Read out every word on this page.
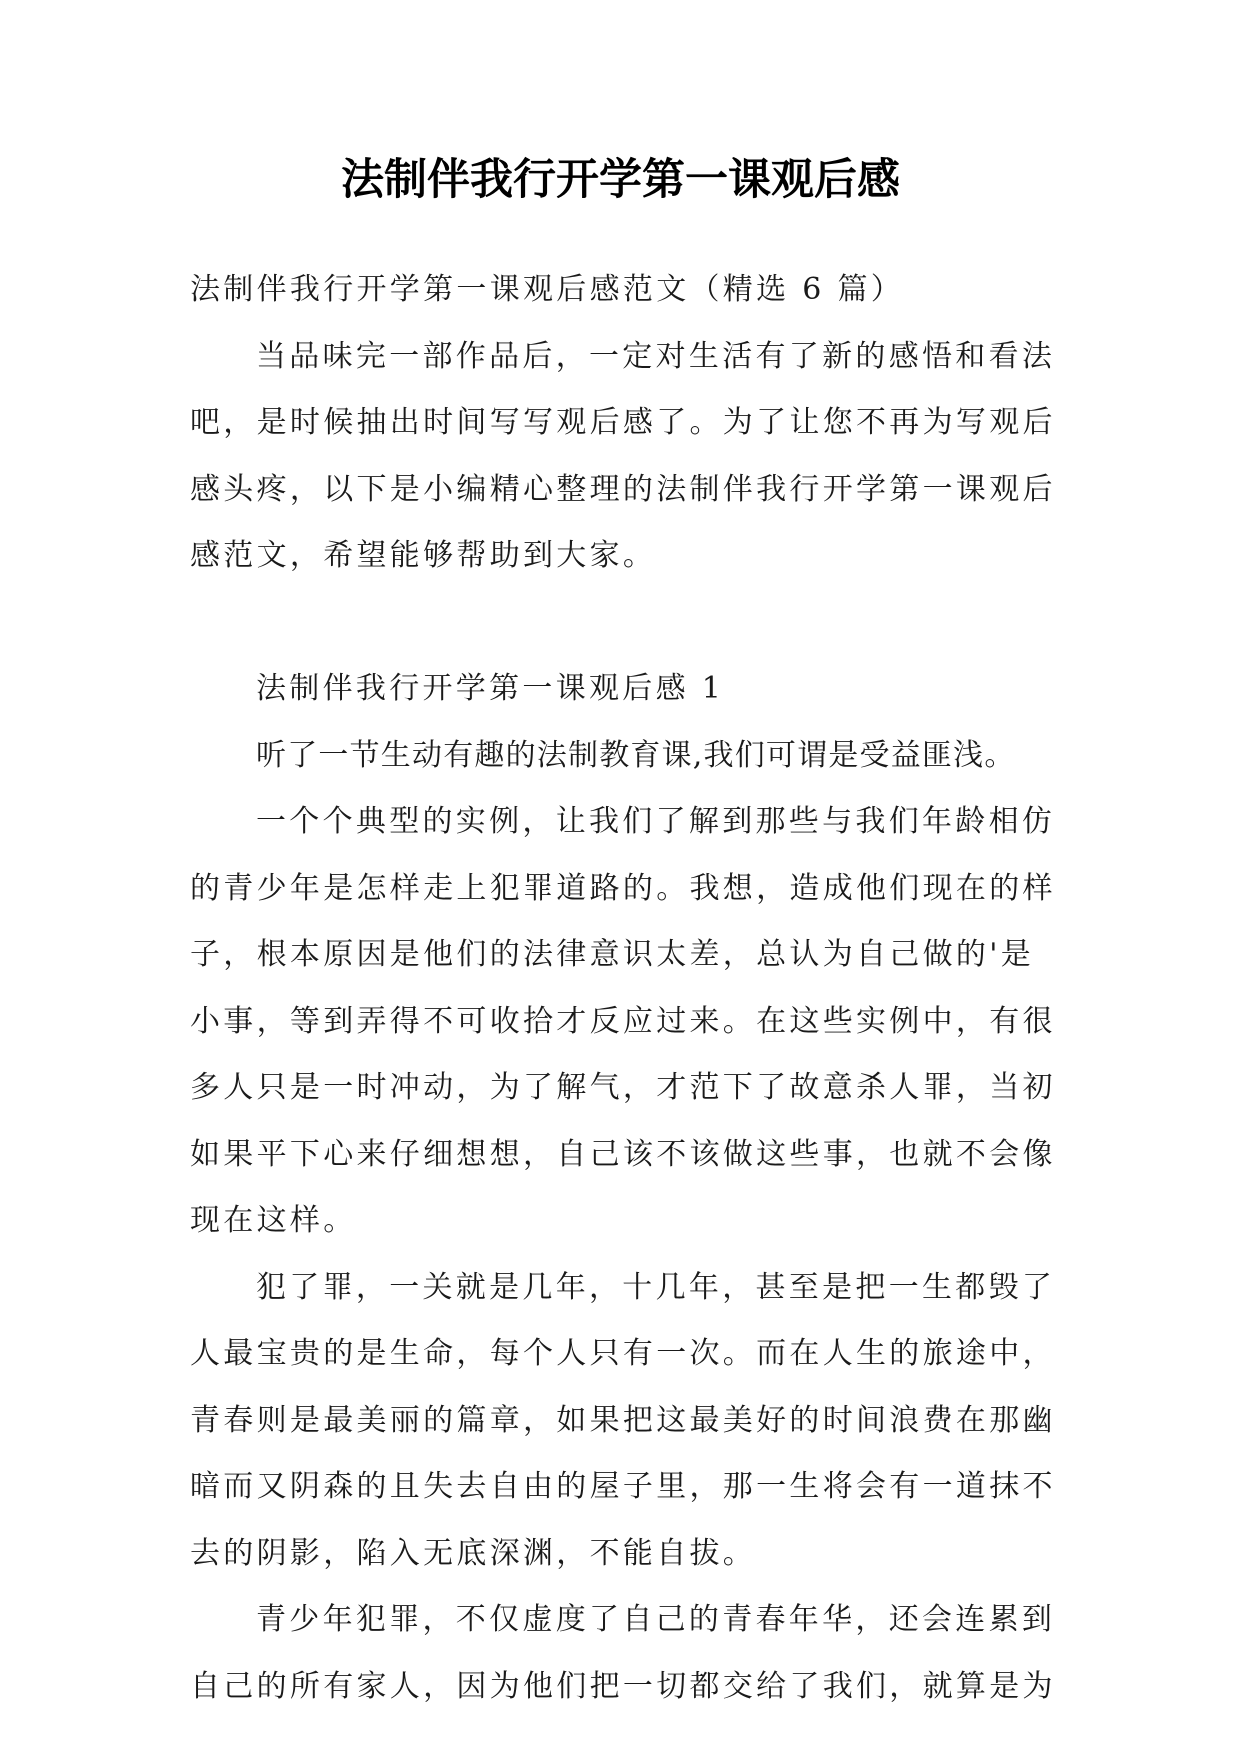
法制伴我行开学第一课观后感

法制伴我行开学第一课观后感范文（精选 6 篇）

当品味完一部作品后，一定对生活有了新的感悟和看法

吧，是时候抽出时间写写观后感了。为了让您不再为写观后

感头疼，以下是小编精心整理的法制伴我行开学第一课观后

感范文，希望能够帮助到大家。

法制伴我行开学第一课观后感 1

听了一节生动有趣的法制教育课,我们可谓是受益匪浅。

一个个典型的实例，让我们了解到那些与我们年龄相仿

的青少年是怎样走上犯罪道路的。我想，造成他们现在的样

子，根本原因是他们的法律意识太差，总认为自己做的'是

小事，等到弄得不可收拾才反应过来。在这些实例中，有很

多人只是一时冲动，为了解气，才范下了故意杀人罪，当初

如果平下心来仔细想想，自己该不该做这些事，也就不会像

现在这样。

犯了罪，一关就是几年，十几年，甚至是把一生都毁了

人最宝贵的是生命，每个人只有一次。而在人生的旅途中，

青春则是最美丽的篇章，如果把这最美好的时间浪费在那幽

暗而又阴森的且失去自由的屋子里，那一生将会有一道抹不

去的阴影，陷入无底深渊，不能自拔。

青少年犯罪，不仅虚度了自己的青春年华，还会连累到

自己的所有家人，因为他们把一切都交给了我们，就算是为
